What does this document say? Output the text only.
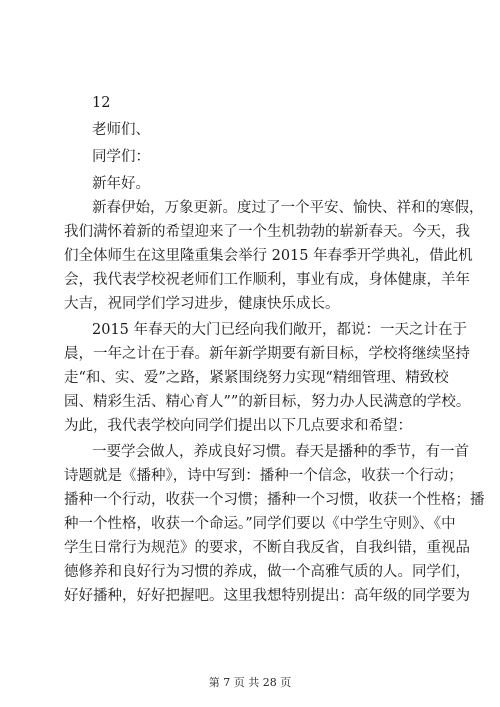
12
老师们、
同学们：
新年好。
新春伊始，万象更新。度过了一个平安、愉快、祥和的寒假，
我们满怀着新的希望迎来了一个生机勃勃的崭新春天。今天，我
们全体师生在这里隆重集会举行 2015 年春季开学典礼，借此机
会，我代表学校祝老师们工作顺利，事业有成，身体健康，羊年
大吉，祝同学们学习进步，健康快乐成长。
2015 年春天的大门已经向我们敞开，都说：一天之计在于
晨，一年之计在于春。新年新学期要有新目标，学校将继续坚持
走“和、实、爱”之路，紧紧围绕努力实现“精细管理、精致校
园、精彩生活、精心育人””的新目标，努力办人民满意的学校。
为此，我代表学校向同学们提出以下几点要求和希望：
一要学会做人，养成良好习惯。春天是播种的季节，有一首
诗题就是《播种》，诗中写到：播种一个信念，收获一个行动；
播种一个行动，收获一个习惯；播种一个习惯，收获一个性格；播
种一个性格，收获一个命运。”同学们要以《中学生守则》、《中
学生日常行为规范》的要求，不断自我反省，自我纠错，重视品
德修养和良好行为习惯的养成，做一个高雅气质的人。同学们，
好好播种，好好把握吧。这里我想特别提出：高年级的同学要为
第 7 页 共 28 页
